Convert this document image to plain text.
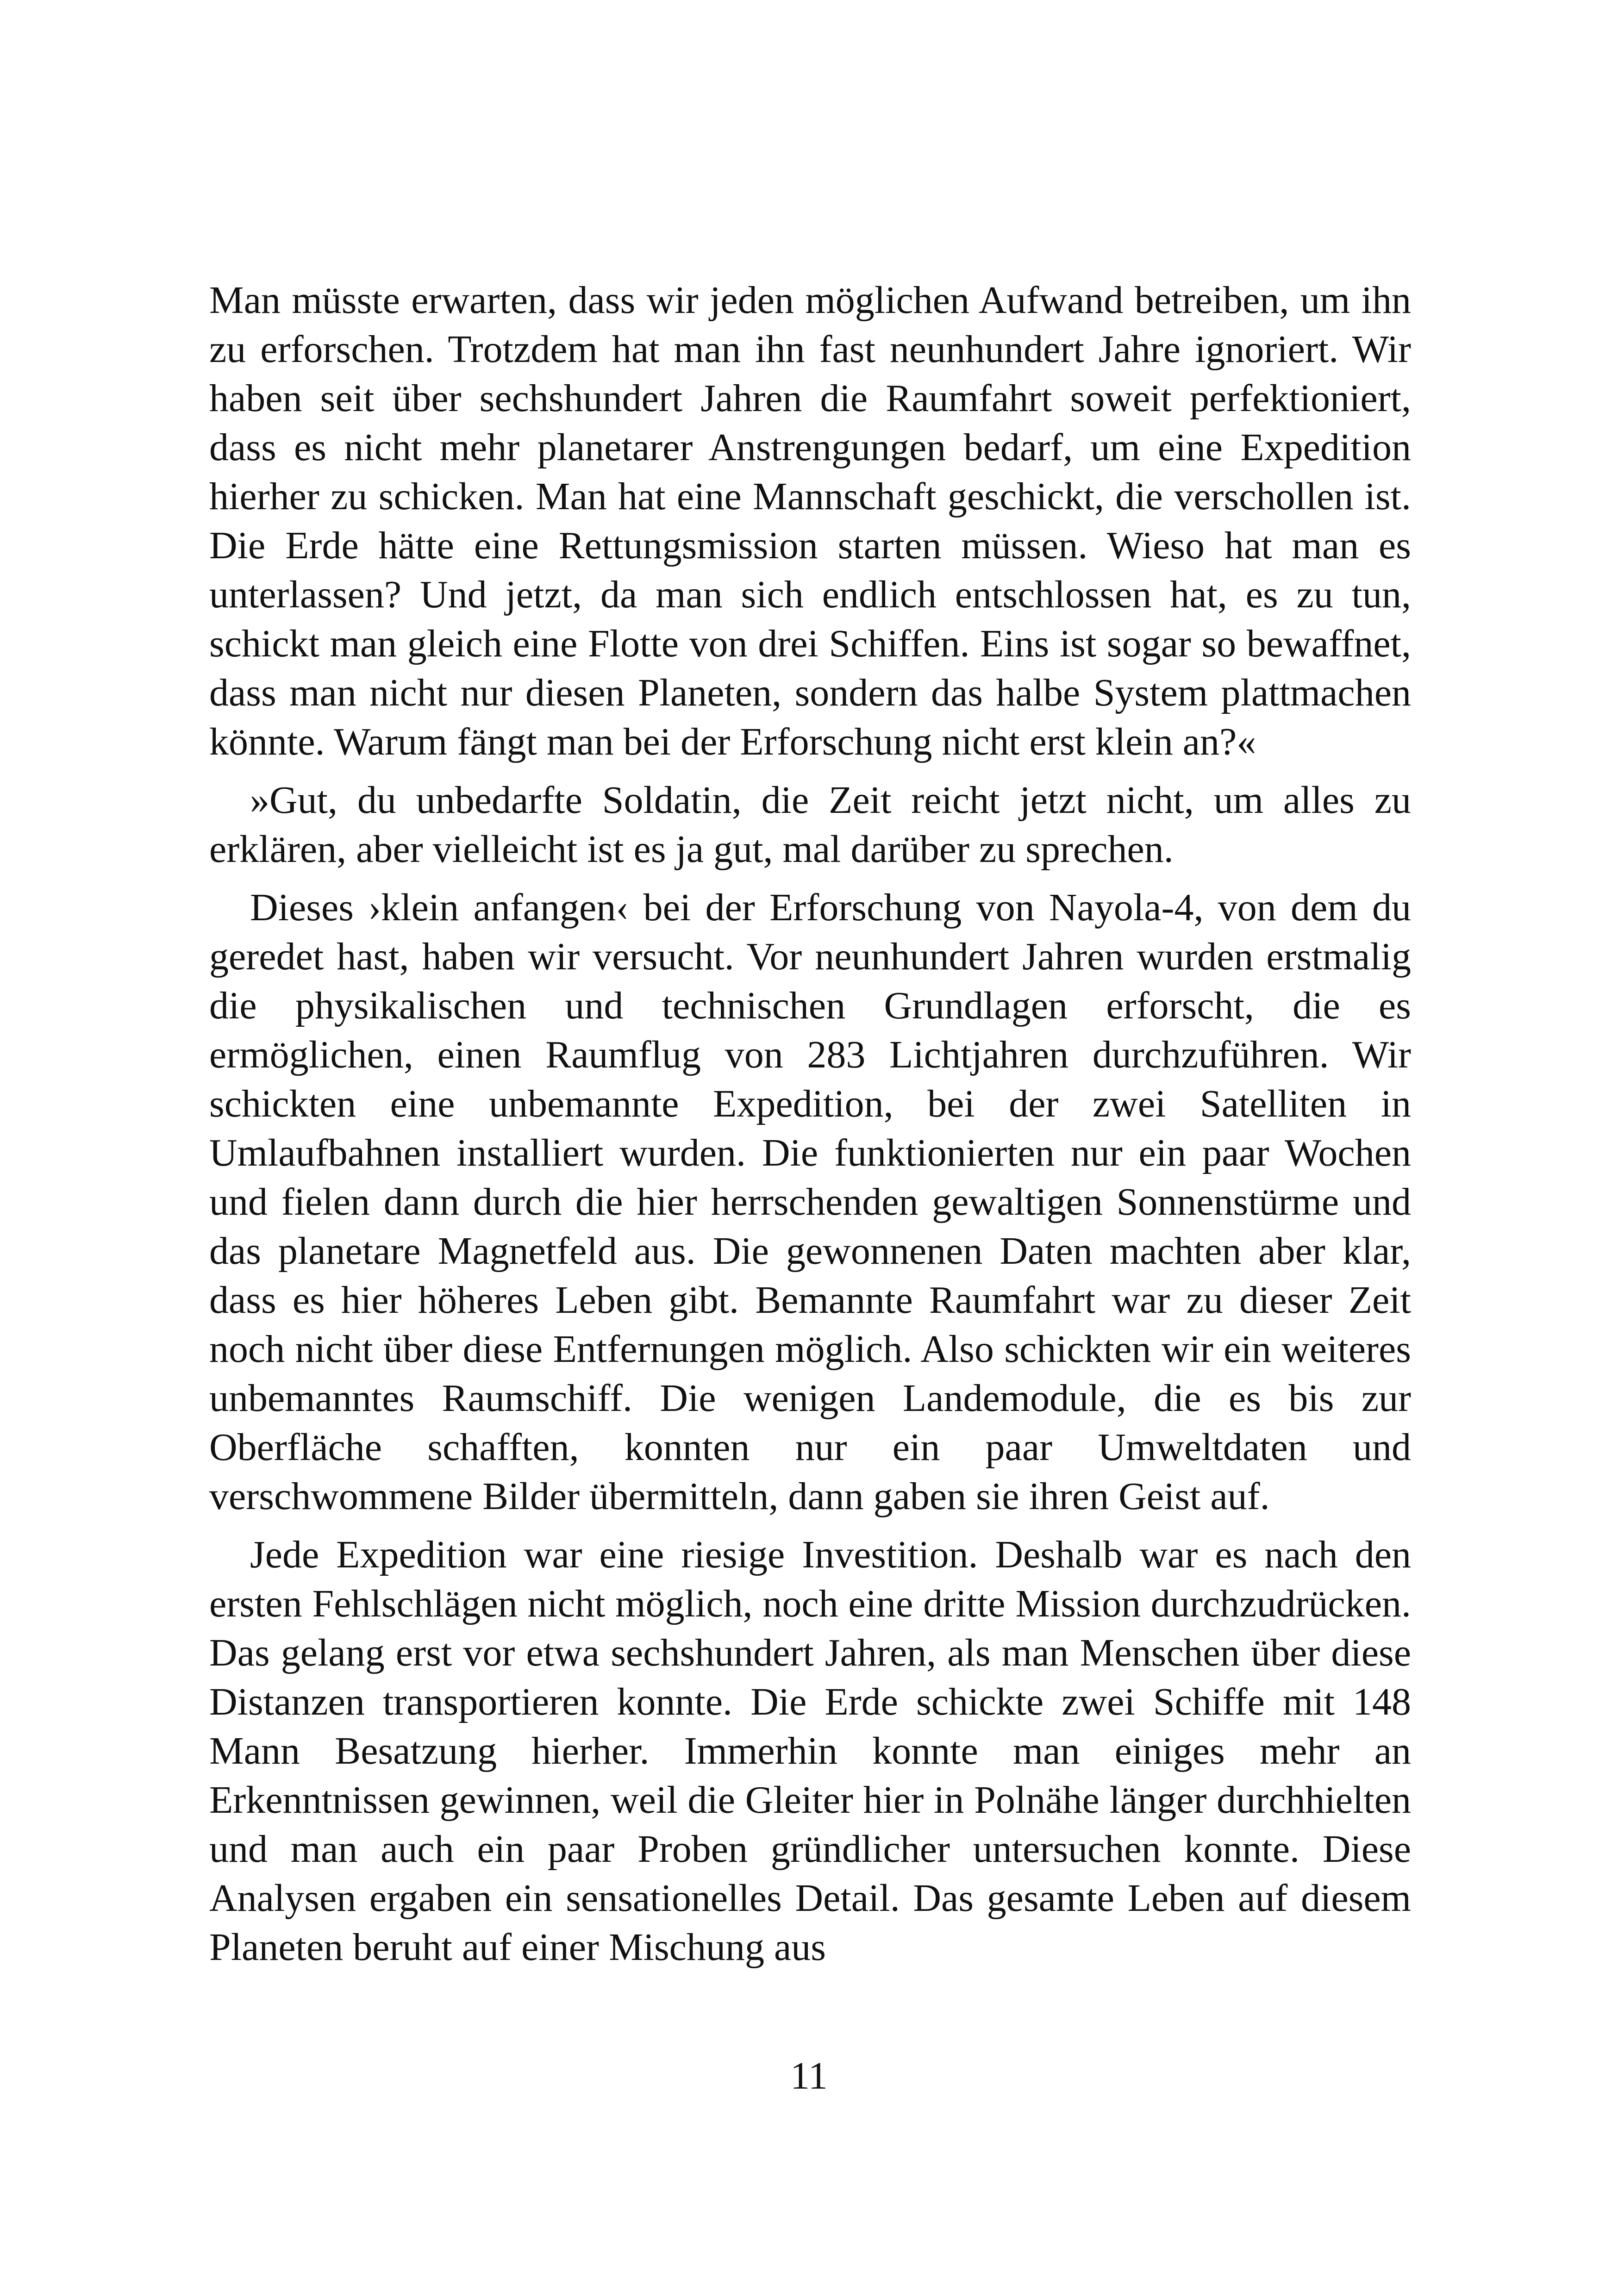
Man müsste erwarten, dass wir jeden möglichen Aufwand betreiben, um ihn zu erforschen. Trotzdem hat man ihn fast neunhundert Jahre ignoriert. Wir haben seit über sechshundert Jahren die Raumfahrt soweit perfektioniert, dass es nicht mehr planetarer Anstrengungen bedarf, um eine Expedition hierher zu schicken. Man hat eine Mannschaft geschickt, die verschollen ist. Die Erde hätte eine Rettungsmission starten müssen. Wieso hat man es unterlassen? Und jetzt, da man sich endlich entschlossen hat, es zu tun, schickt man gleich eine Flotte von drei Schiffen. Eins ist sogar so bewaffnet, dass man nicht nur diesen Planeten, sondern das halbe System plattmachen könnte. Warum fängt man bei der Erforschung nicht erst klein an?«

»Gut, du unbedarfte Soldatin, die Zeit reicht jetzt nicht, um alles zu erklären, aber vielleicht ist es ja gut, mal darüber zu sprechen.

Dieses ›klein anfangen‹ bei der Erforschung von Nayola-4, von dem du geredet hast, haben wir versucht. Vor neunhundert Jahren wurden erstmalig die physikalischen und technischen Grundlagen erforscht, die es ermöglichen, einen Raumflug von 283 Lichtjahren durchzuführen. Wir schickten eine unbemannte Expedition, bei der zwei Satelliten in Umlaufbahnen installiert wurden. Die funktionierten nur ein paar Wochen und fielen dann durch die hier herrschenden gewaltigen Sonnenstürme und das planetare Magnetfeld aus. Die gewonnenen Daten machten aber klar, dass es hier höheres Leben gibt. Bemannte Raumfahrt war zu dieser Zeit noch nicht über diese Entfernungen möglich. Also schickten wir ein weiteres unbemanntes Raumschiff. Die wenigen Landemodule, die es bis zur Oberfläche schafften, konnten nur ein paar Umweltdaten und verschwommene Bilder übermitteln, dann gaben sie ihren Geist auf.

Jede Expedition war eine riesige Investition. Deshalb war es nach den ersten Fehlschlägen nicht möglich, noch eine dritte Mission durchzudrücken. Das gelang erst vor etwa sechshundert Jahren, als man Menschen über diese Distanzen transportieren konnte. Die Erde schickte zwei Schiffe mit 148 Mann Besatzung hierher. Immerhin konnte man einiges mehr an Erkenntnissen gewinnen, weil die Gleiter hier in Polnähe länger durchhielten und man auch ein paar Proben gründlicher untersuchen konnte. Diese Analysen ergaben ein sensationelles Detail. Das gesamte Leben auf diesem Planeten beruht auf einer Mischung aus

11
